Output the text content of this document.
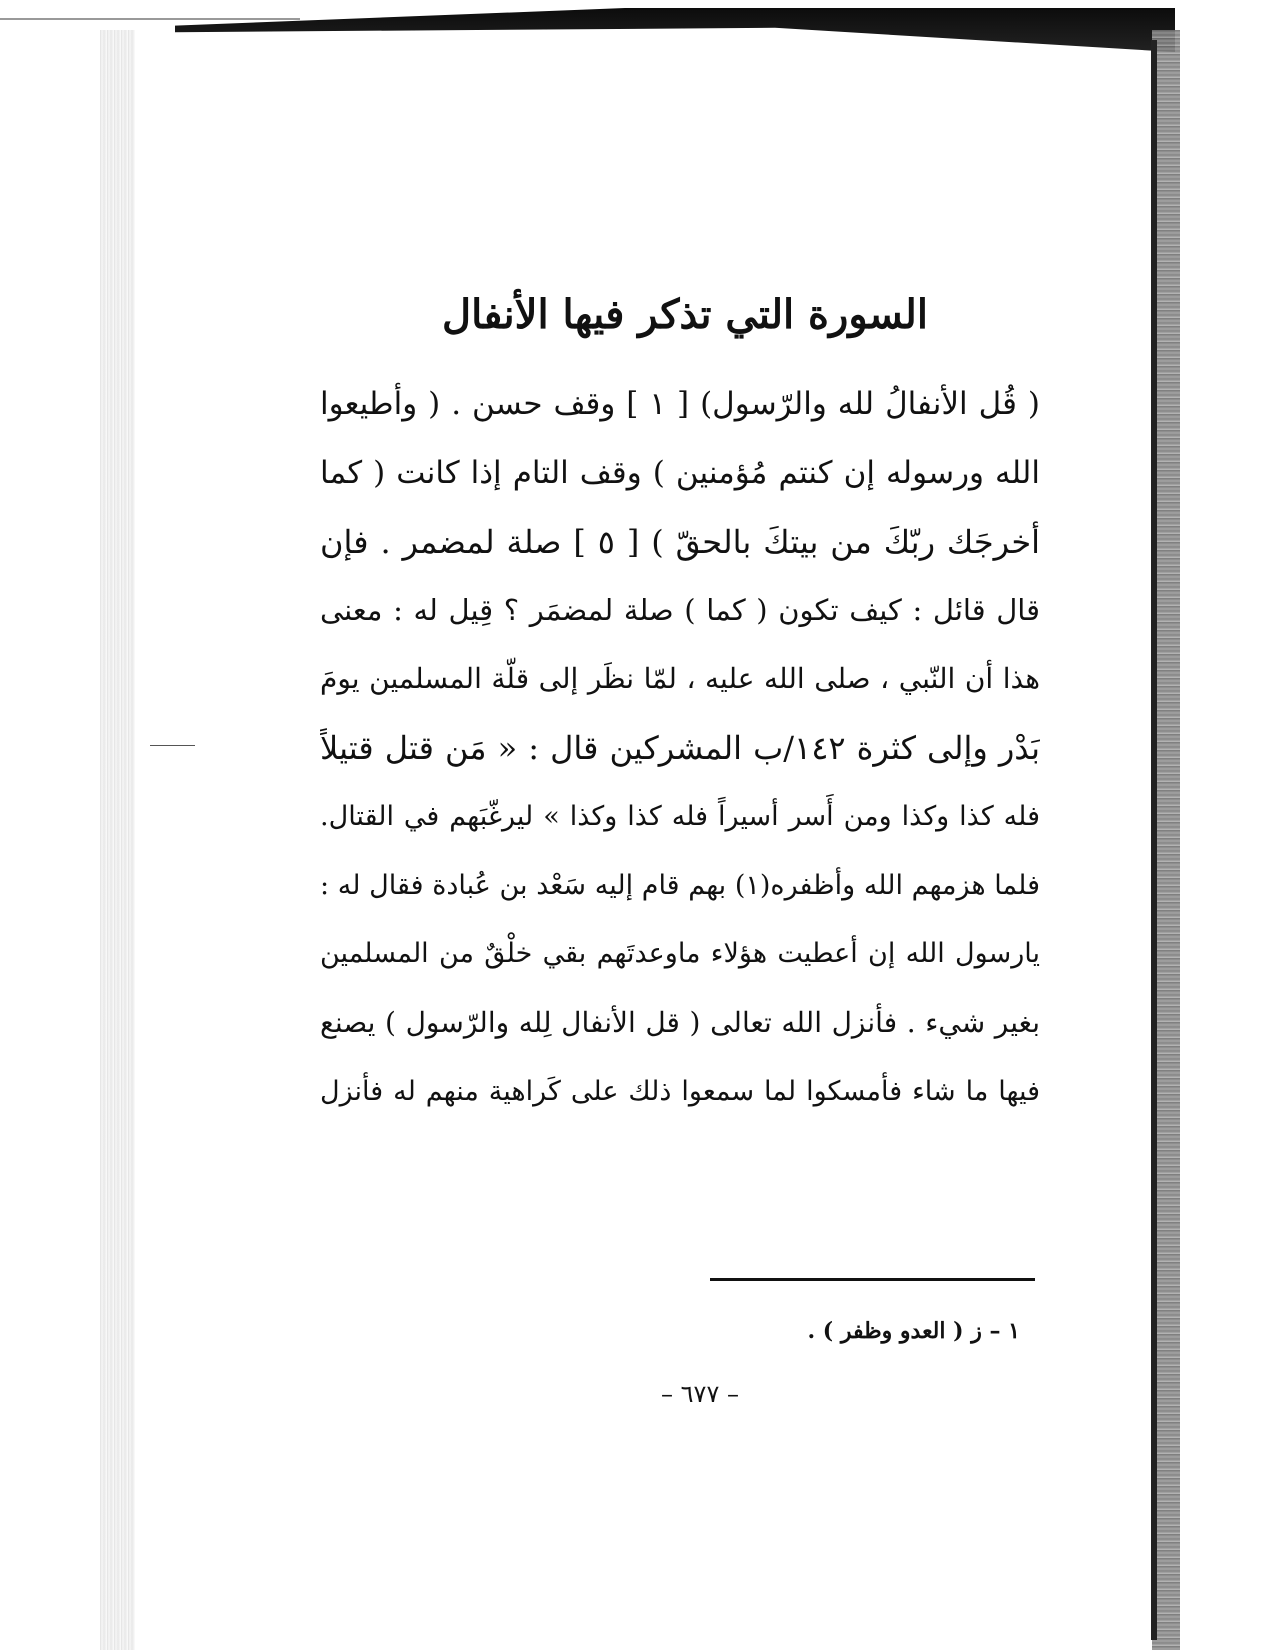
السورة التي تذكر فيها الأنفال
( قُل الأنفالُ لله والرّسول) [ ١ ] وقف حسن . ( وأطيعوا
الله ورسوله إن كنتم مُؤمنين ) وقف التام إذا كانت ( كما
أخرجَك ربّكَ من بيتكَ بالحقّ ) [ ٥ ] صلة لمضمر . فإن
قال قائل : كيف تكون ( كما ) صلة لمضمَر ؟ قِيل له : معنى
هذا أن النّبي ، صلى الله عليه ، لمّا نظَر إلى قلّة المسلمين يومَ
بَدْر وإلى كثرة ١٤٢/ب المشركين قال : « مَن قتل قتيلاً
فله كذا وكذا ومن أَسر أسيراً فله كذا وكذا » ليرغّبَهم في القتال.
فلما هزمهم الله وأظفره(١) بهم قام إليه سَعْد بن عُبادة فقال له :
يارسول الله إن أعطيت هؤلاء ماوعدتَهم بقي خلْقٌ من المسلمين
بغير شيء . فأنزل الله تعالى ( قل الأنفال لِله والرّسول ) يصنع
فيها ما شاء فأمسكوا لما سمعوا ذلك على كَراهية منهم له فأنزل
١ – ز ( العدو وظفر ) .
– ٦٧٧ –
